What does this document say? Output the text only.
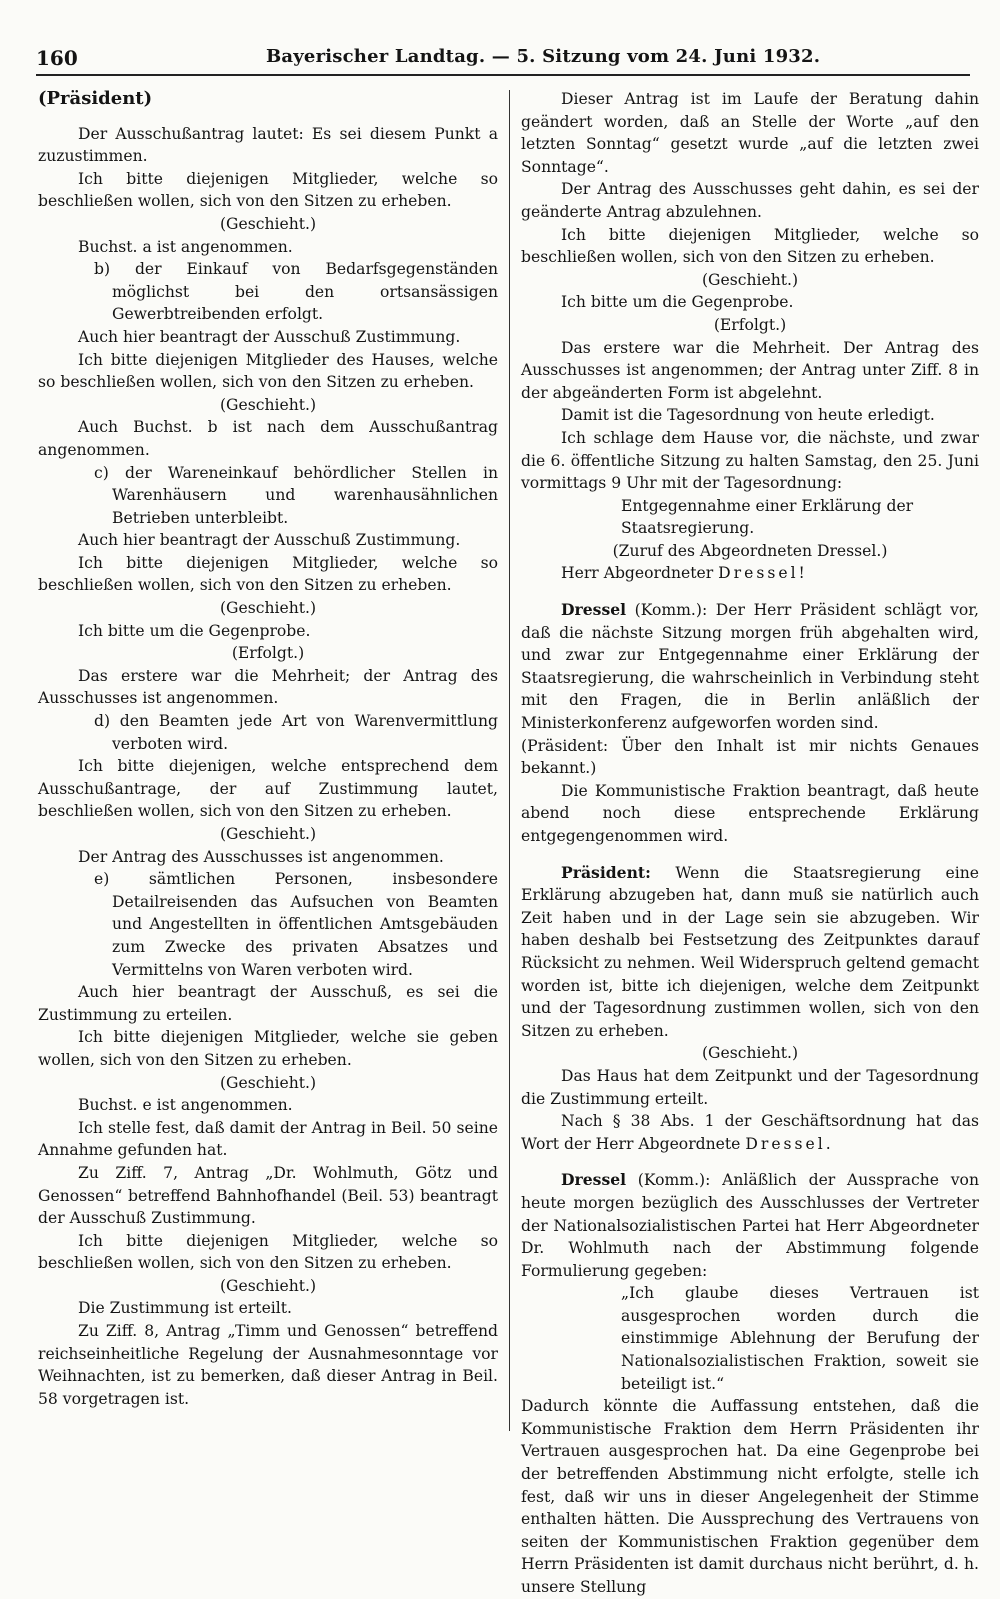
160	Bayerischer Landtag. — 5. Sitzung vom 24. Juni 1932.

(Präsident)

Der Ausschußantrag lautet: Es sei diesem Punkt a zuzustimmen.

Ich bitte diejenigen Mitglieder, welche so beschließen wollen, sich von den Sitzen zu erheben.

(Geschieht.)

Buchst. a ist angenommen.

b) der Einkauf von Bedarfsgegenständen möglichst bei den ortsansässigen Gewerbtreibenden erfolgt.

Auch hier beantragt der Ausschuß Zustimmung.

Ich bitte diejenigen Mitglieder des Hauses, welche so beschließen wollen, sich von den Sitzen zu erheben.

(Geschieht.)

Auch Buchst. b ist nach dem Ausschußantrag angenommen.

c) der Wareneinkauf behördlicher Stellen in Warenhäusern und warenhausähnlichen Betrieben unterbleibt.

Auch hier beantragt der Ausschuß Zustimmung.

Ich bitte diejenigen Mitglieder, welche so beschließen wollen, sich von den Sitzen zu erheben.

(Geschieht.)

Ich bitte um die Gegenprobe.

(Erfolgt.)

Das erstere war die Mehrheit; der Antrag des Ausschusses ist angenommen.

d) den Beamten jede Art von Warenvermittlung verboten wird.

Ich bitte diejenigen, welche entsprechend dem Ausschußantrage, der auf Zustimmung lautet, beschließen wollen, sich von den Sitzen zu erheben.

(Geschieht.)

Der Antrag des Ausschusses ist angenommen.

e) sämtlichen Personen, insbesondere Detailreisenden das Aufsuchen von Beamten und Angestellten in öffentlichen Amtsgebäuden zum Zwecke des privaten Absatzes und Vermittelns von Waren verboten wird.

Auch hier beantragt der Ausschuß, es sei die Zustimmung zu erteilen.

Ich bitte diejenigen Mitglieder, welche sie geben wollen, sich von den Sitzen zu erheben.

(Geschieht.)

Buchst. e ist angenommen.

Ich stelle fest, daß damit der Antrag in Beil. 50 seine Annahme gefunden hat.

Zu Ziff. 7, Antrag „Dr. Wohlmuth, Götz und Genossen“ betreffend Bahnhofhandel (Beil. 53) beantragt der Ausschuß Zustimmung.

Ich bitte diejenigen Mitglieder, welche so beschließen wollen, sich von den Sitzen zu erheben.

(Geschieht.)

Die Zustimmung ist erteilt.

Zu Ziff. 8, Antrag „Timm und Genossen“ betreffend reichseinheitliche Regelung der Ausnahmesonntage vor Weihnachten, ist zu bemerken, daß dieser Antrag in Beil. 58 vorgetragen ist.

Dieser Antrag ist im Laufe der Beratung dahin geändert worden, daß an Stelle der Worte „auf den letzten Sonntag“ gesetzt wurde „auf die letzten zwei Sonntage“.

Der Antrag des Ausschusses geht dahin, es sei der geänderte Antrag abzulehnen.

Ich bitte diejenigen Mitglieder, welche so beschließen wollen, sich von den Sitzen zu erheben.

(Geschieht.)

Ich bitte um die Gegenprobe.

(Erfolgt.)

Das erstere war die Mehrheit. Der Antrag des Ausschusses ist angenommen; der Antrag unter Ziff. 8 in der abgeänderten Form ist abgelehnt.

Damit ist die Tagesordnung von heute erledigt.

Ich schlage dem Hause vor, die nächste, und zwar die 6. öffentliche Sitzung zu halten Samstag, den 25. Juni vormittags 9 Uhr mit der Tagesordnung:

Entgegennahme einer Erklärung der Staatsregierung.

(Zuruf des Abgeordneten Dressel.)

Herr Abgeordneter Dressel!

Dressel (Komm.): Der Herr Präsident schlägt vor, daß die nächste Sitzung morgen früh abgehalten wird, und zwar zur Entgegennahme einer Erklärung der Staatsregierung, die wahrscheinlich in Verbindung steht mit den Fragen, die in Berlin anläßlich der Ministerkonferenz aufgeworfen worden sind.

(Präsident: Über den Inhalt ist mir nichts Genaues bekannt.)

Die Kommunistische Fraktion beantragt, daß heute abend noch diese entsprechende Erklärung entgegengenommen wird.

Präsident: Wenn die Staatsregierung eine Erklärung abzugeben hat, dann muß sie natürlich auch Zeit haben und in der Lage sein sie abzugeben. Wir haben deshalb bei Festsetzung des Zeitpunktes darauf Rücksicht zu nehmen. Weil Widerspruch geltend gemacht worden ist, bitte ich diejenigen, welche dem Zeitpunkt und der Tagesordnung zustimmen wollen, sich von den Sitzen zu erheben.

(Geschieht.)

Das Haus hat dem Zeitpunkt und der Tagesordnung die Zustimmung erteilt.

Nach § 38 Abs. 1 der Geschäftsordnung hat das Wort der Herr Abgeordnete Dressel.

Dressel (Komm.): Anläßlich der Aussprache von heute morgen bezüglich des Ausschlusses der Vertreter der Nationalsozialistischen Partei hat Herr Abgeordneter Dr. Wohlmuth nach der Abstimmung folgende Formulierung gegeben:

„Ich glaube dieses Vertrauen ist ausgesprochen worden durch die einstimmige Ablehnung der Berufung der Nationalsozialistischen Fraktion, soweit sie beteiligt ist.“

Dadurch könnte die Auffassung entstehen, daß die Kommunistische Fraktion dem Herrn Präsidenten ihr Vertrauen ausgesprochen hat. Da eine Gegenprobe bei der betreffenden Abstimmung nicht erfolgte, stelle ich fest, daß wir uns in dieser Angelegenheit der Stimme enthalten hätten. Die Aussprechung des Vertrauens von seiten der Kommunistischen Fraktion gegenüber dem Herrn Präsidenten ist damit durchaus nicht berührt, d. h. unsere Stellung
